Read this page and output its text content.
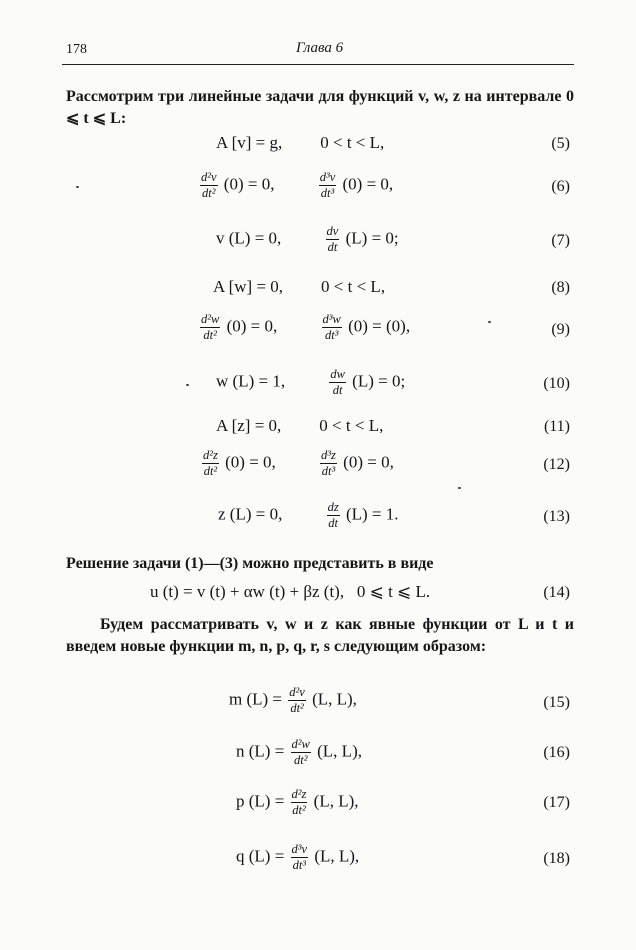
178	Глава 6
Рассмотрим три линейные задачи для функций v, w, z на интервале 0 ⩽ t ⩽ L:
A [v] = g, 0 < t < L,	(5)
$\frac{\text{d²v}}{\text{dt²}} (0) = 0$,	$\frac{\text{d³v}}{\text{dt³}} (0) = 0$,	(6)
v (L) = 0,	$\frac{dv}{dt} (L) = 0$;	(7)
A [w] = 0, 0 < t < L,	(8)
$\frac{\text{d²w}}{\text{dt²}} (0) = 0$,	$\frac{\text{d³w}}{\text{dt³}} (0) = (0)$,	(9)
w (L) = 1,	$\frac{dw}{dt} (L) = 0$;	(10)
A [z] = 0, 0 < t < L,	(11)
$\frac{\text{d²z}}{\text{dt²}} (0) = 0$,	$\frac{\text{d³z}}{\text{dt³}} (0) = 0$,	(12)
z (L) = 0,	$\frac{dz}{dt} (L) = 1$.	(13)
Решение задачи (1)—(3) можно представить в виде
u (t) = v (t) + αw (t) + βz (t), 0 ⩽ t ⩽ L.	(14)
Будем рассматривать v, w и z как явные функции от L и t и введем новые функции m, n, p, q, r, s следующим образом:
m $(L) = \frac{\text{d²v}}{\text{dt²}} (L$, L),	(15)
n $(L) = \frac{\text{d²w}}{\text{dt²}} (L$, L),	(16)
p $(L) = \frac{\text{d²z}}{\text{dt²}} (L$, L),	(17)
q $(L) = \frac{\text{d³v}}{\text{dt³}} (L$, L),	(18)
